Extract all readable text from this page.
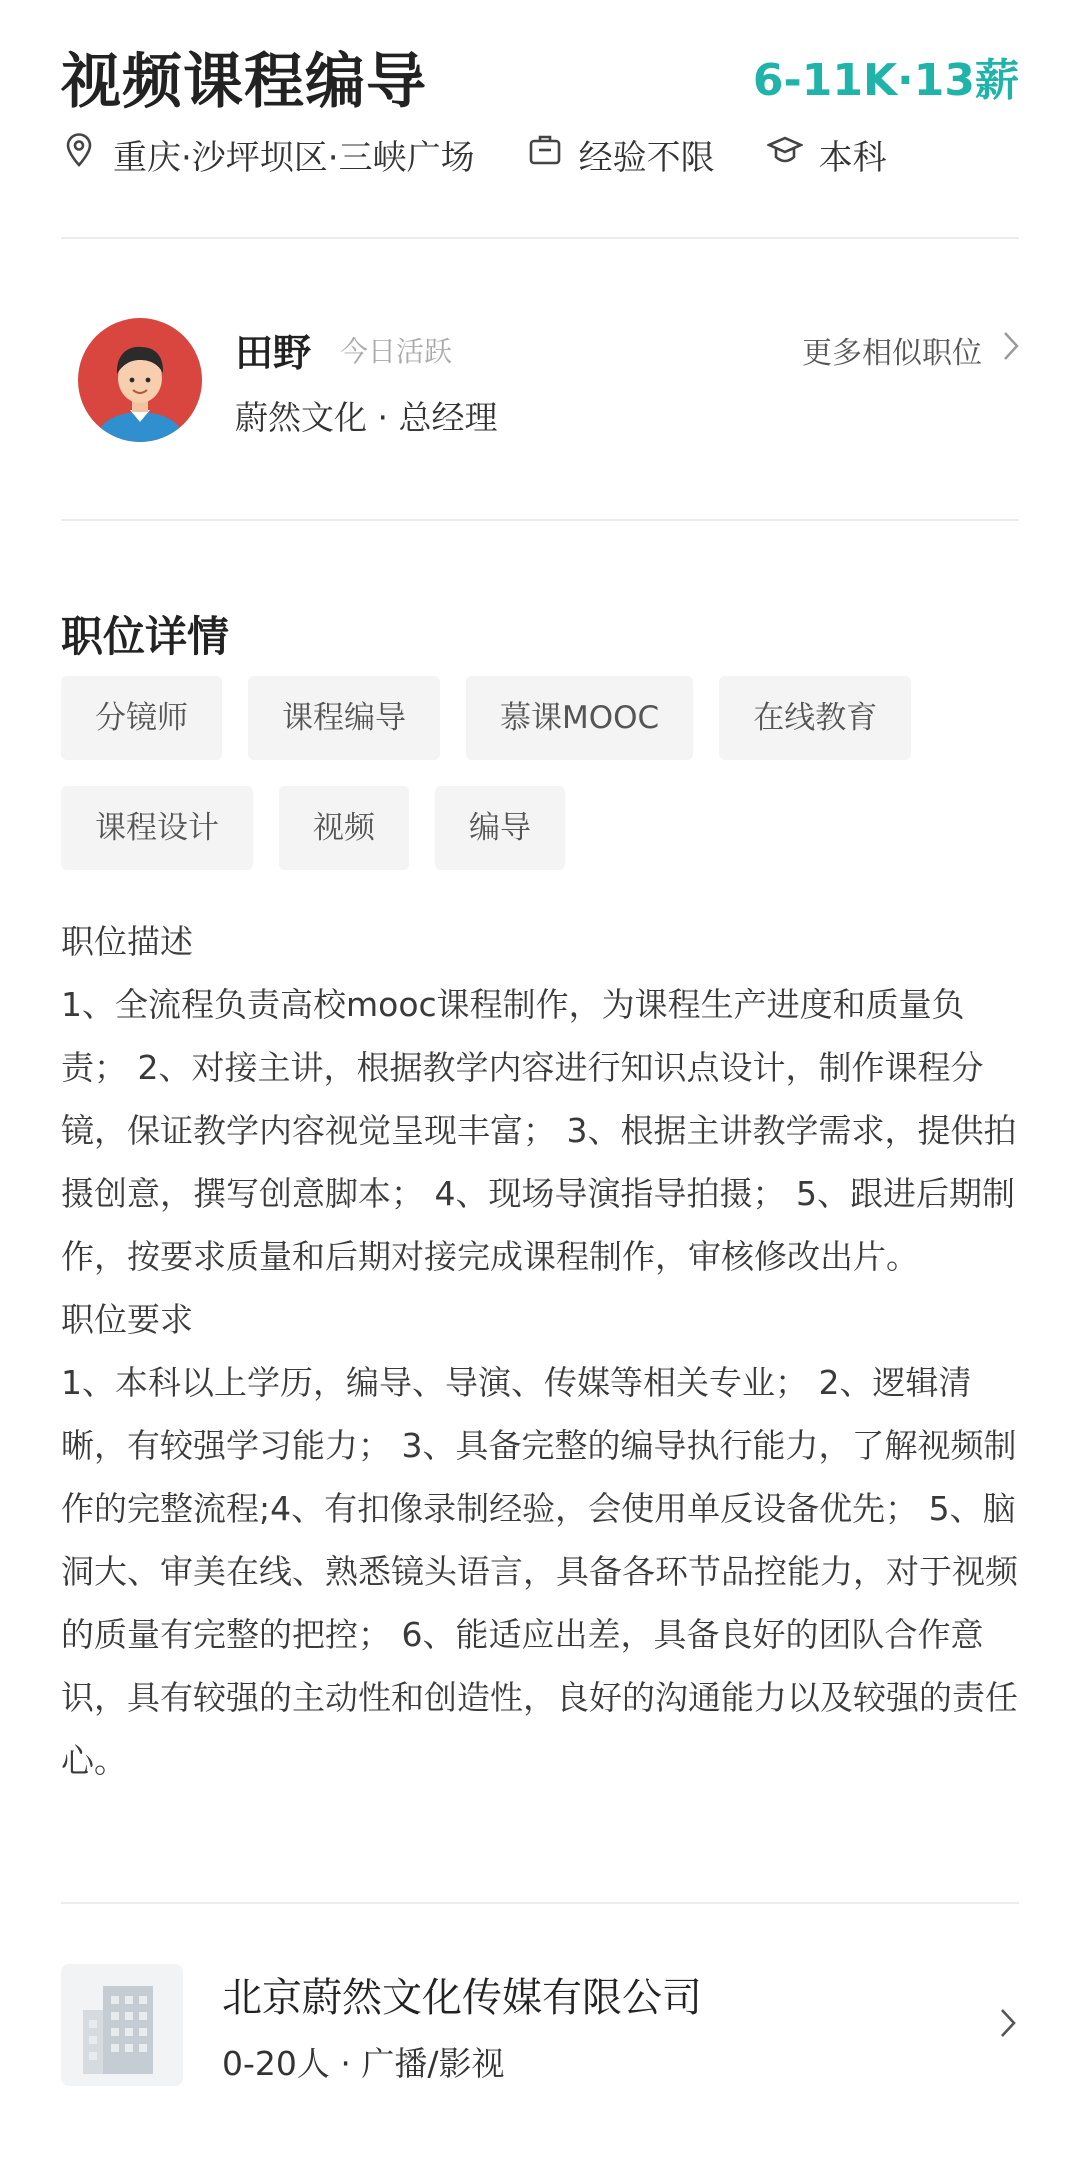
视频课程编导	6-11K·13薪
重庆·沙坪坝区·三峡广场	经验不限	本科
田野 今日活跃
蔚然文化 · 总经理
更多相似职位
职位详情
分镜师	课程编导	慕课MOOC	在线教育
课程设计	视频	编导

职位描述

1、全流程负责高校mooc课程制作，为课程生产进度和质量负责； 2、对接主讲，根据教学内容进行知识点设计，制作课程分镜，保证教学内容视觉呈现丰富； 3、根据主讲教学需求，提供拍摄创意，撰写创意脚本； 4、现场导演指导拍摄； 5、跟进后期制作，按要求质量和后期对接完成课程制作，审核修改出片。

职位要求

1、本科以上学历，编导、导演、传媒等相关专业； 2、逻辑清晰，有较强学习能力； 3、具备完整的编导执行能力，了解视频制作的完整流程;4、有扣像录制经验，会使用单反设备优先； 5、脑洞大、审美在线、熟悉镜头语言，具备各环节品控能力，对于视频的质量有完整的把控； 6、能适应出差，具备良好的团队合作意识，具有较强的主动性和创造性，良好的沟通能力以及较强的责任心。

北京蔚然文化传媒有限公司
0-20人 · 广播/影视
